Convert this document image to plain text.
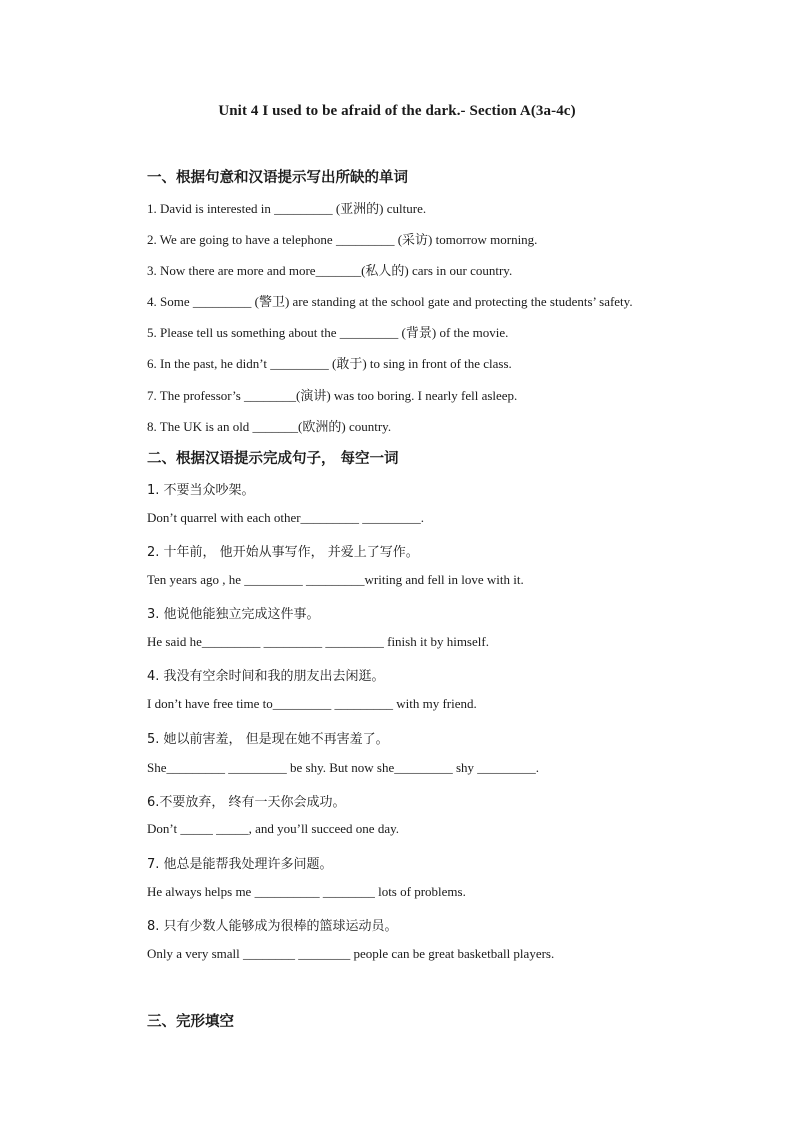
Unit 4 I used to be afraid of the dark.- Section A(3a-4c)
一、根据句意和汉语提示写出所缺的单词
1. David is interested in _________ (亚洲的) culture.
2. We are going to have a telephone _________ (采访) tomorrow morning.
3. Now there are more and more_______(私人的) cars in our country.
4. Some _________ (警卫) are standing at the school gate and protecting the students’ safety.
5. Please tell us something about the _________ (背景) of the movie.
6. In the past, he didn’t _________ (敢于) to sing in front of the class.
7. The professor’s ________(演讲) was too boring. I nearly fell asleep.
8. The UK is an old _______(欧洲的) country.
二、根据汉语提示完成句子， 每空一词
1. 不要当众吵架。
Don’t quarrel with each other_________ _________.
2. 十年前， 他开始从事写作， 并爱上了写作。
Ten years ago , he _________ _________writing and fell in love with it.
3. 他说他能独立完成这件事。
He said he_________ _________ _________ finish it by himself.
4. 我没有空余时间和我的朋友出去闲逛。
I don’t have free time to_________ _________ with my friend.
5. 她以前害羞， 但是现在她不再害羞了。
She_________ _________ be shy. But now she_________ shy _________.
6.不要放弃， 终有一天你会成功。
Don’t _____ _____, and you’ll succeed one day.
7. 他总是能帮我处理许多问题。
He always helps me __________ ________ lots of problems.
8. 只有少数人能够成为很棒的篮球运动员。
Only a very small ________ ________ people can be great basketball players.
三、完形填空
